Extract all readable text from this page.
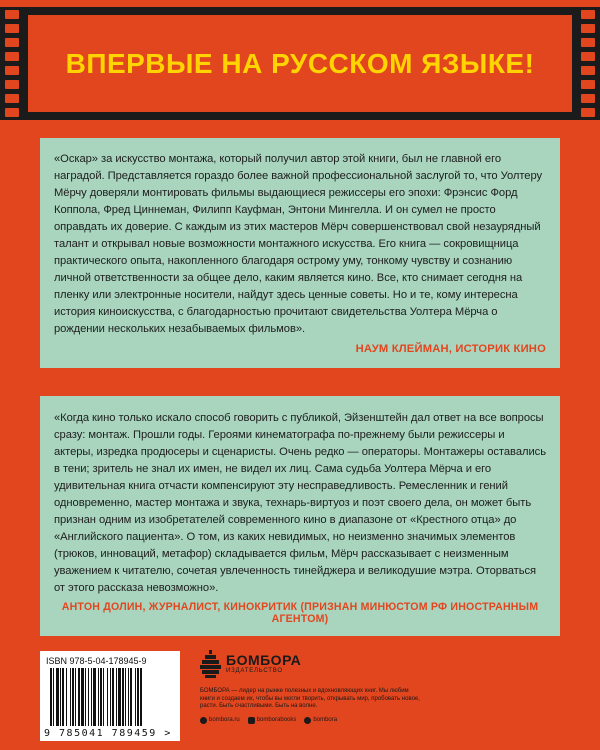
ВПЕРВЫЕ НА РУССКОМ ЯЗЫКЕ!

«Оскар» за искусство монтажа, который получил автор этой книги, был не главной его наградой. Представляется гораздо более важной профессиональной заслугой то, что Уолтеру Мёрчу доверяли монтировать фильмы выдающиеся режиссеры его эпохи: Фрэнсис Форд Коппола, Фред Циннеман, Филипп Кауфман, Энтони Мингелла. И он сумел не просто оправдать их доверие. С каждым из этих мастеров Мёрч совершенствовал свой незаурядный талант и открывал новые возможности монтажного искусства. Его книга — сокровищница практического опыта, накопленного благодаря острому уму, тонкому чувству и сознанию личной ответственности за общее дело, каким является кино. Все, кто снимает сегодня на пленку или электронные носители, найдут здесь ценные советы. Но и те, кому интересна история киноискусства, с благодарностью прочитают свидетельства Уолтера Мёрча о рождении нескольких незабываемых фильмов».

НАУМ КЛЕЙМАН, ИСТОРИК КИНО

«Когда кино только искало способ говорить с публикой, Эйзенштейн дал ответ на все вопросы сразу: монтаж. Прошли годы. Героями кинематографа по-прежнему были режиссеры и актеры, изредка продюсеры и сценаристы. Очень редко — операторы. Монтажеры оставались в тени; зритель не знал их имен, не видел их лиц. Сама судьба Уолтера Мёрча и его удивительная книга отчасти компенсируют эту несправедливость. Ремесленник и гений одновременно, мастер монтажа и звука, технарь-виртуоз и поэт своего дела, он может быть признан одним из изобретателей современного кино в диапазоне от «Крестного отца» до «Английского пациента». О том, из каких невидимых, но неизменно значимых элементов (трюков, инноваций, метафор) складывается фильм, Мёрч рассказывает с неизменным уважением к читателю, сочетая увлеченность тинейджера и великодушие мэтра. Оторваться от этого рассказа невозможно».

АНТОН ДОЛИН, ЖУРНАЛИСТ, КИНОКРИТИК (ПРИЗНАН МИНЮСТОМ РФ ИНОСТРАННЫМ АГЕНТОМ)
ISBN 978-5-04-178945-9
9 785041 789459 >
БОМБОРА
ИЗДАТЕЛЬСТВО
БОМБОРА — лидер на рынке полезных и вдохновляющих книг. Мы любим книги и создаем их, чтобы вы могли творить, открывать мир, пробовать новое, расти. Быть счастливыми. Быть на волне.
bombora.ru	bomborabooks	bombora
